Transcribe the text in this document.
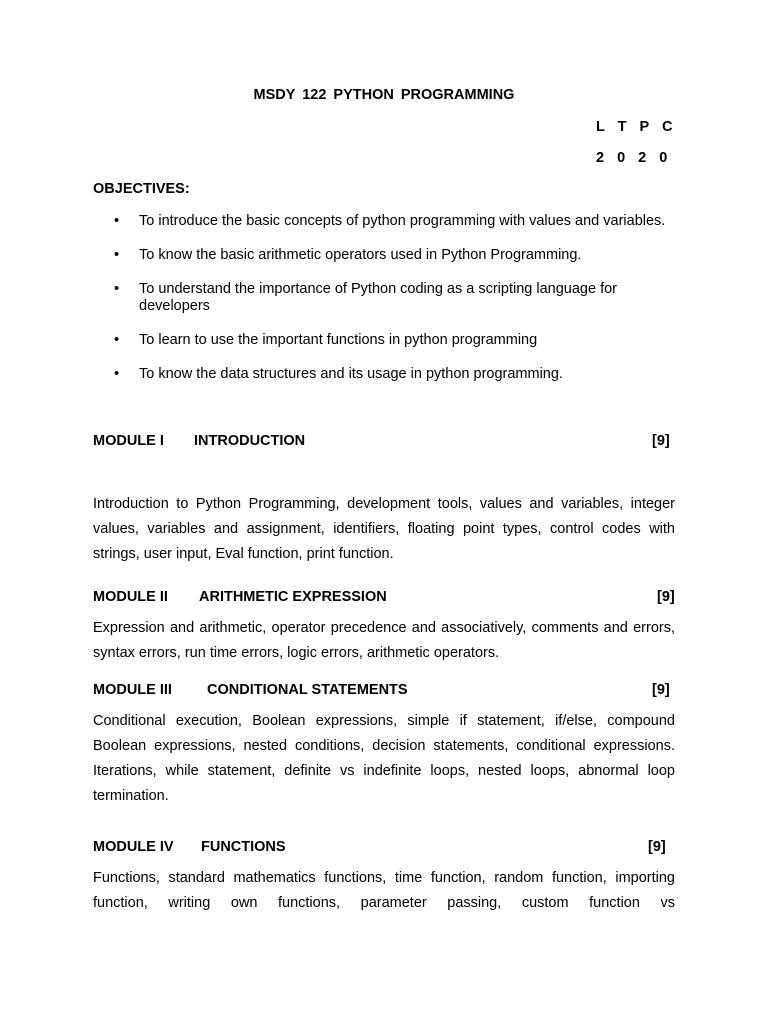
MSDY 122 PYTHON PROGRAMMING
L T P C
2 0 2 0
OBJECTIVES:
• To introduce the basic concepts of python programming with values and variables.
• To know the basic arithmetic operators used in Python Programming.
• To understand the importance of Python coding as a scripting language for developers
• To learn to use the important functions in python programming
• To know the data structures and its usage in python programming.
MODULE I INTRODUCTION	[9]

Introduction to Python Programming, development tools, values and variables, integer values, variables and assignment, identifiers, floating point types, control codes with strings, user input, Eval function, print function.

MODULE II ARITHMETIC EXPRESSION	[9]

Expression and arithmetic, operator precedence and associatively, comments and errors, syntax errors, run time errors, logic errors, arithmetic operators.

MODULE III CONDITIONAL STATEMENTS	[9]

Conditional execution, Boolean expressions, simple if statement, if/else, compound Boolean expressions, nested conditions, decision statements, conditional expressions. Iterations, while statement, definite vs indefinite loops, nested loops, abnormal loop termination.

MODULE IV FUNCTIONS	[9]

Functions, standard mathematics functions, time function, random function, importing function, writing own functions, parameter passing, custom function vs
